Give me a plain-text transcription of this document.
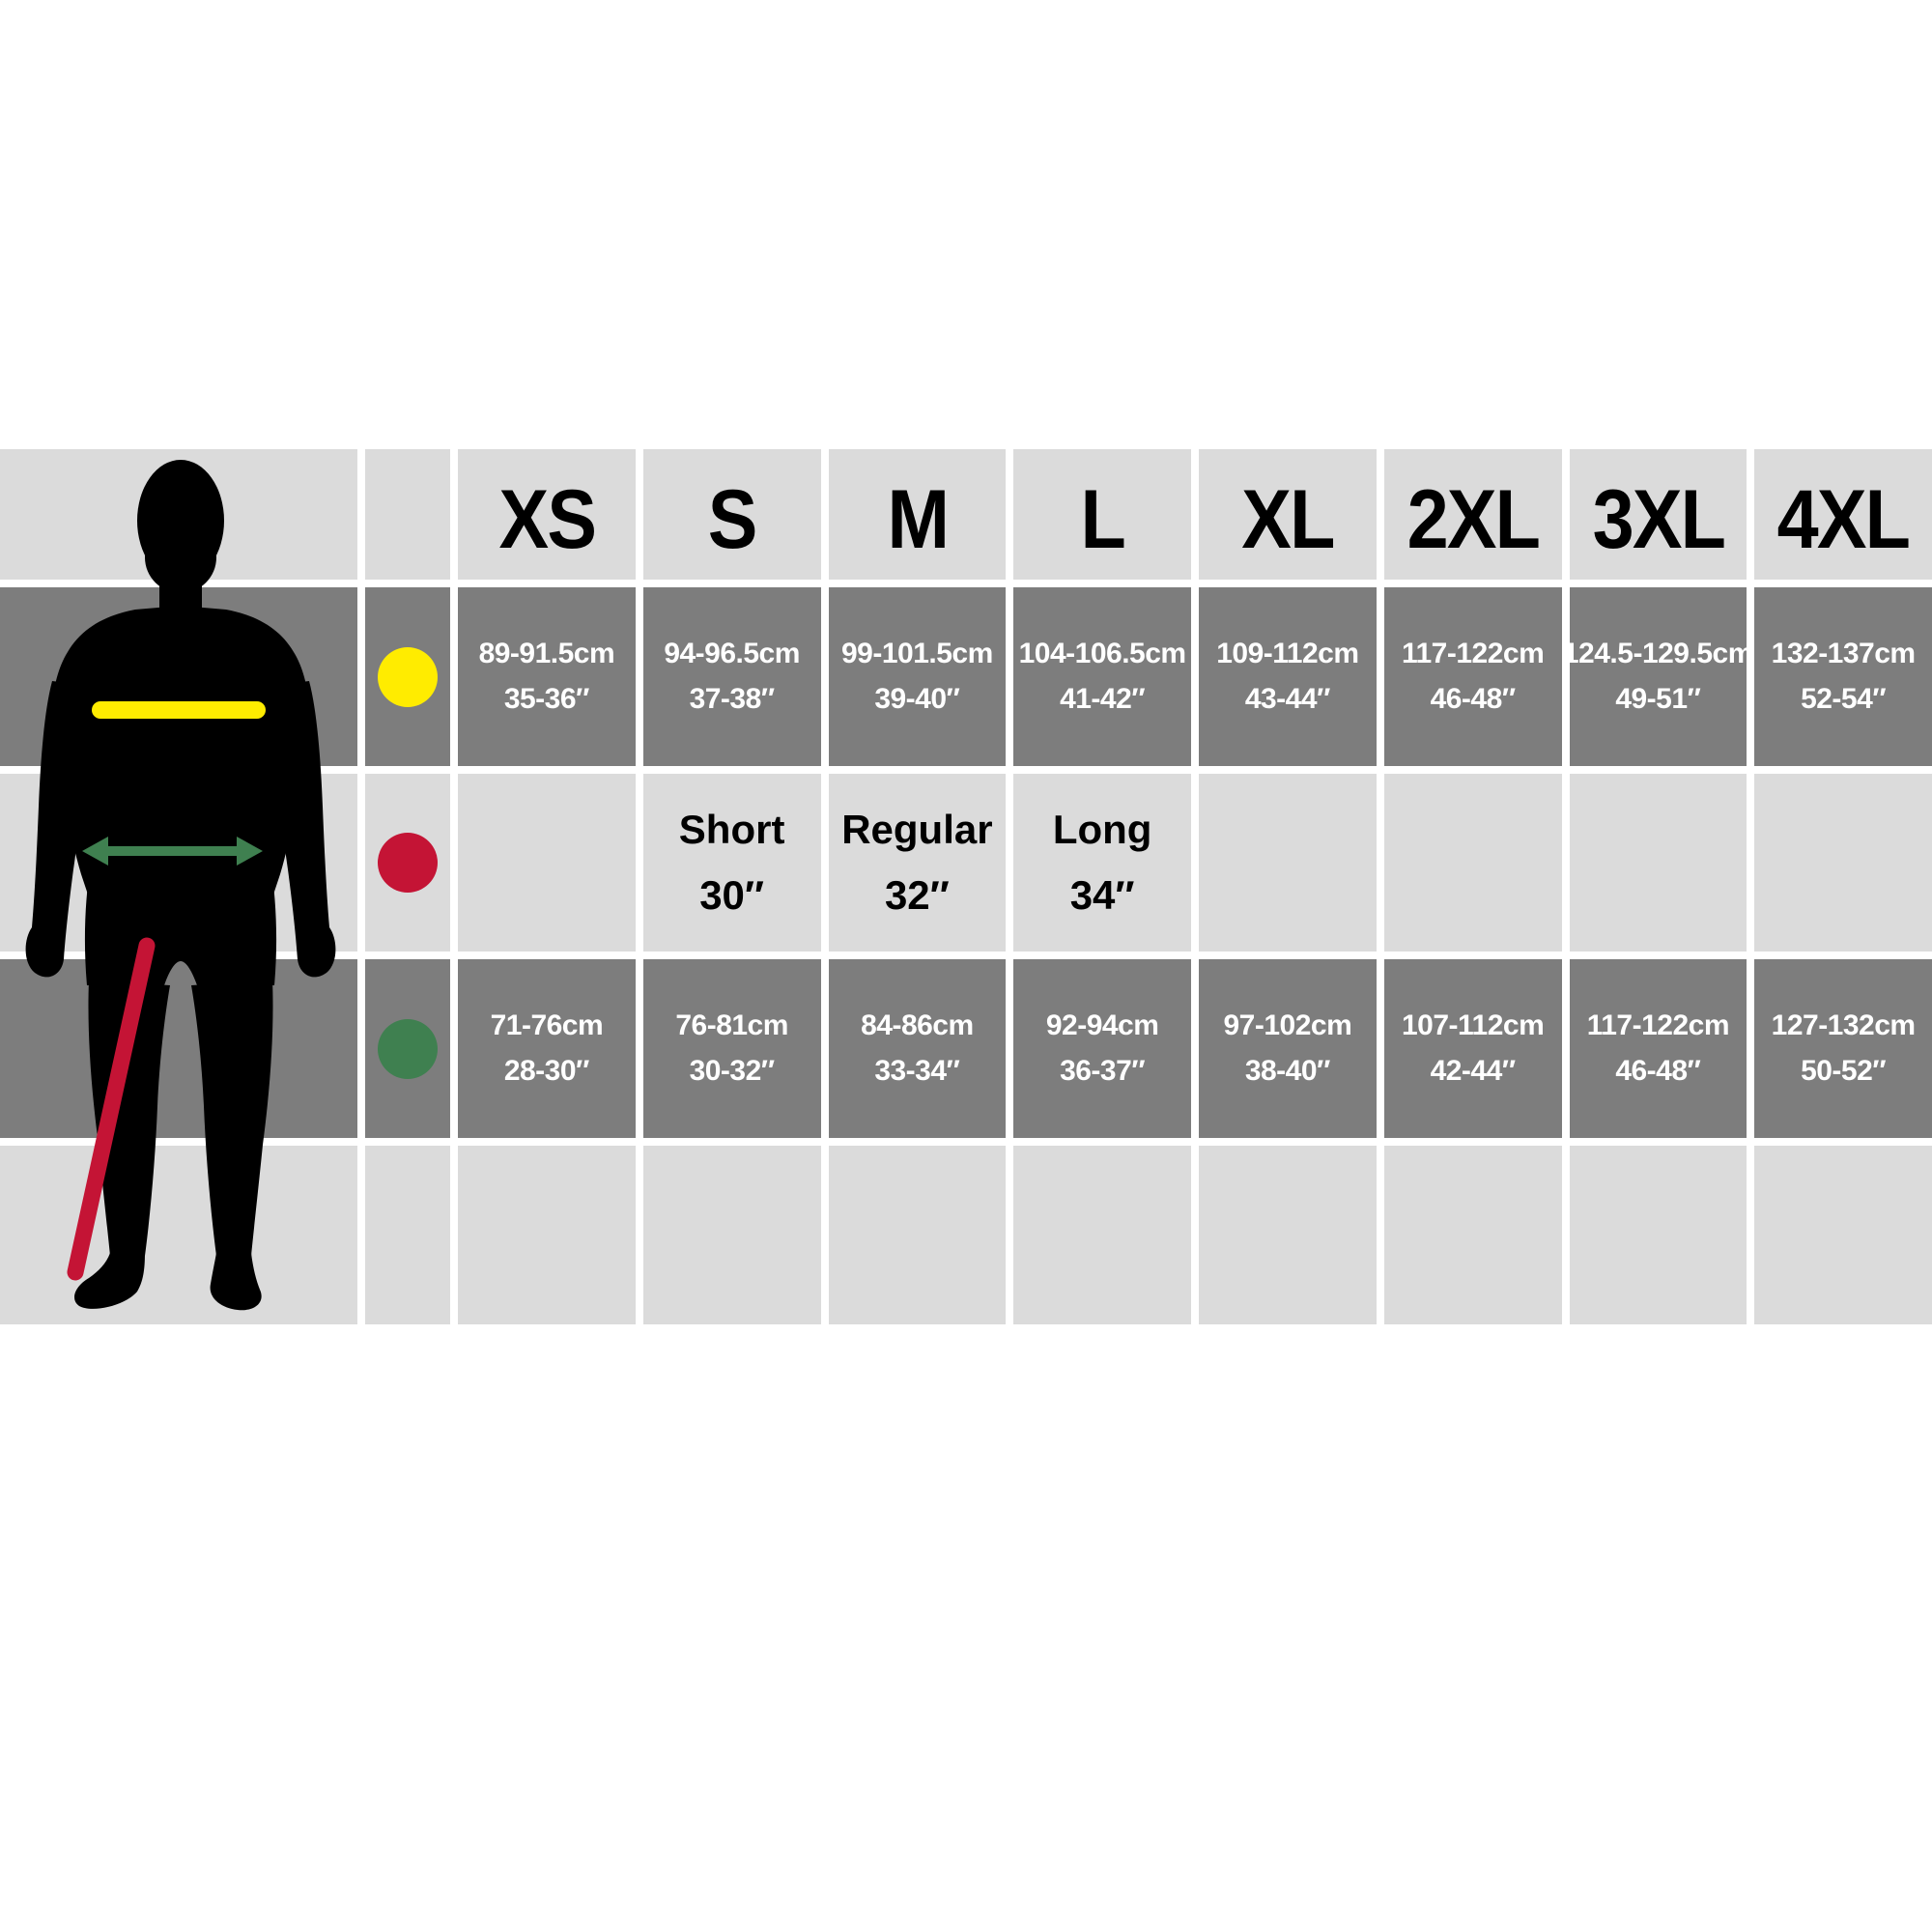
XS S M L XL 2XL 3XL 4XL
89-91.5cm
35-36″
94-96.5cm
37-38″
99-101.5cm
39-40″
104-106.5cm
41-42″
109-112cm
43-44″
117-122cm
46-48″
124.5-129.5cm
49-51″
132-137cm
52-54″
Short
30″
Regular
32″
Long
34″
71-76cm
28-30″
76-81cm
30-32″
84-86cm
33-34″
92-94cm
36-37″
97-102cm
38-40″
107-112cm
42-44″
117-122cm
46-48″
127-132cm
50-52″
